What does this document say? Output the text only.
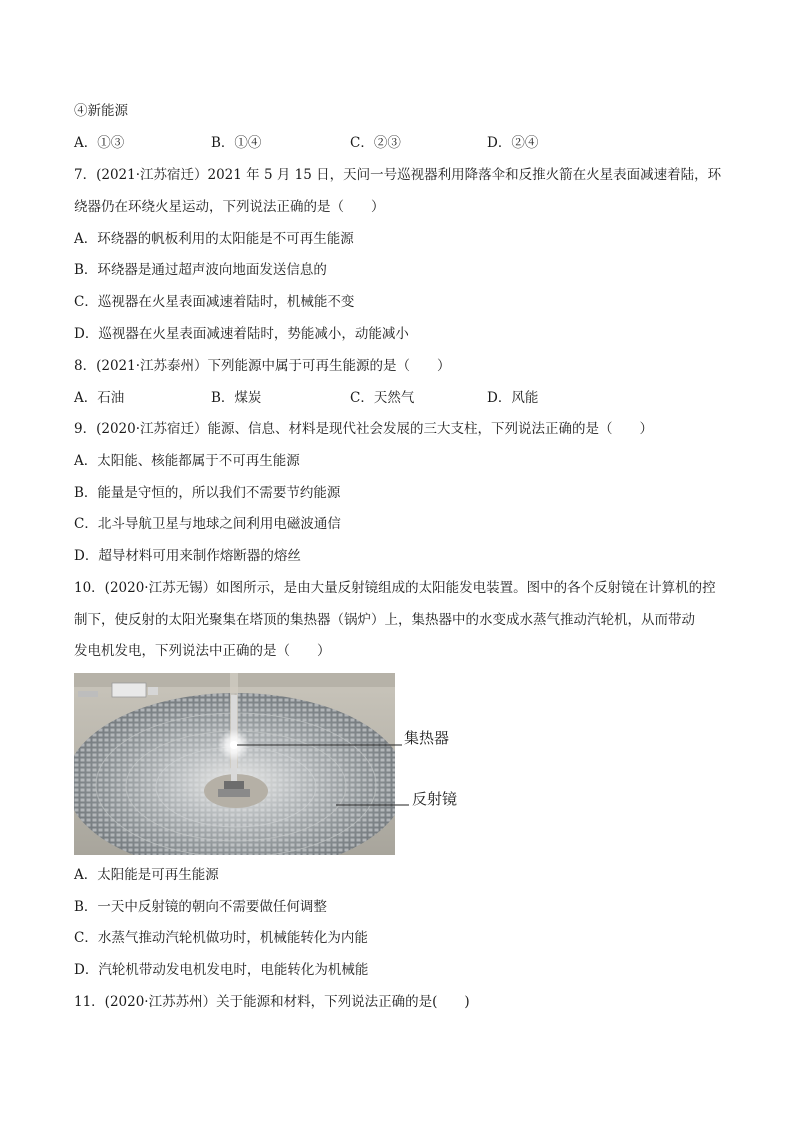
④新能源
A．①③	B．①④	C．②③	D．②④
7．(2021·江苏宿迁）2021 年 5 月 15 日，天问一号巡视器利用降落伞和反推火箭在火星表面减速着陆，环
绕器仍在环绕火星运动，下列说法正确的是（　　）
A．环绕器的帆板利用的太阳能是不可再生能源
B．环绕器是通过超声波向地面发送信息的
C．巡视器在火星表面减速着陆时，机械能不变
D．巡视器在火星表面减速着陆时，势能减小，动能减小
8．(2021·江苏泰州）下列能源中属于可再生能源的是（　　）
A．石油	B．煤炭	C．天然气	D．风能
9．(2020·江苏宿迁）能源、信息、材料是现代社会发展的三大支柱，下列说法正确的是（　　）
A．太阳能、核能都属于不可再生能源
B．能量是守恒的，所以我们不需要节约能源
C．北斗导航卫星与地球之间利用电磁波通信
D．超导材料可用来制作熔断器的熔丝
10．(2020·江苏无锡）如图所示，是由大量反射镜组成的太阳能发电装置。图中的各个反射镜在计算机的控
制下，使反射的太阳光聚集在塔顶的集热器（锅炉）上，集热器中的水变成水蒸气推动汽轮机，从而带动
发电机发电，下列说法中正确的是（　　）
集热器
反射镜
A．太阳能是可再生能源
B．一天中反射镜的朝向不需要做任何调整
C．水蒸气推动汽轮机做功时，机械能转化为内能
D．汽轮机带动发电机发电时，电能转化为机械能
11．(2020·江苏苏州）关于能源和材料，下列说法正确的是(　　)
